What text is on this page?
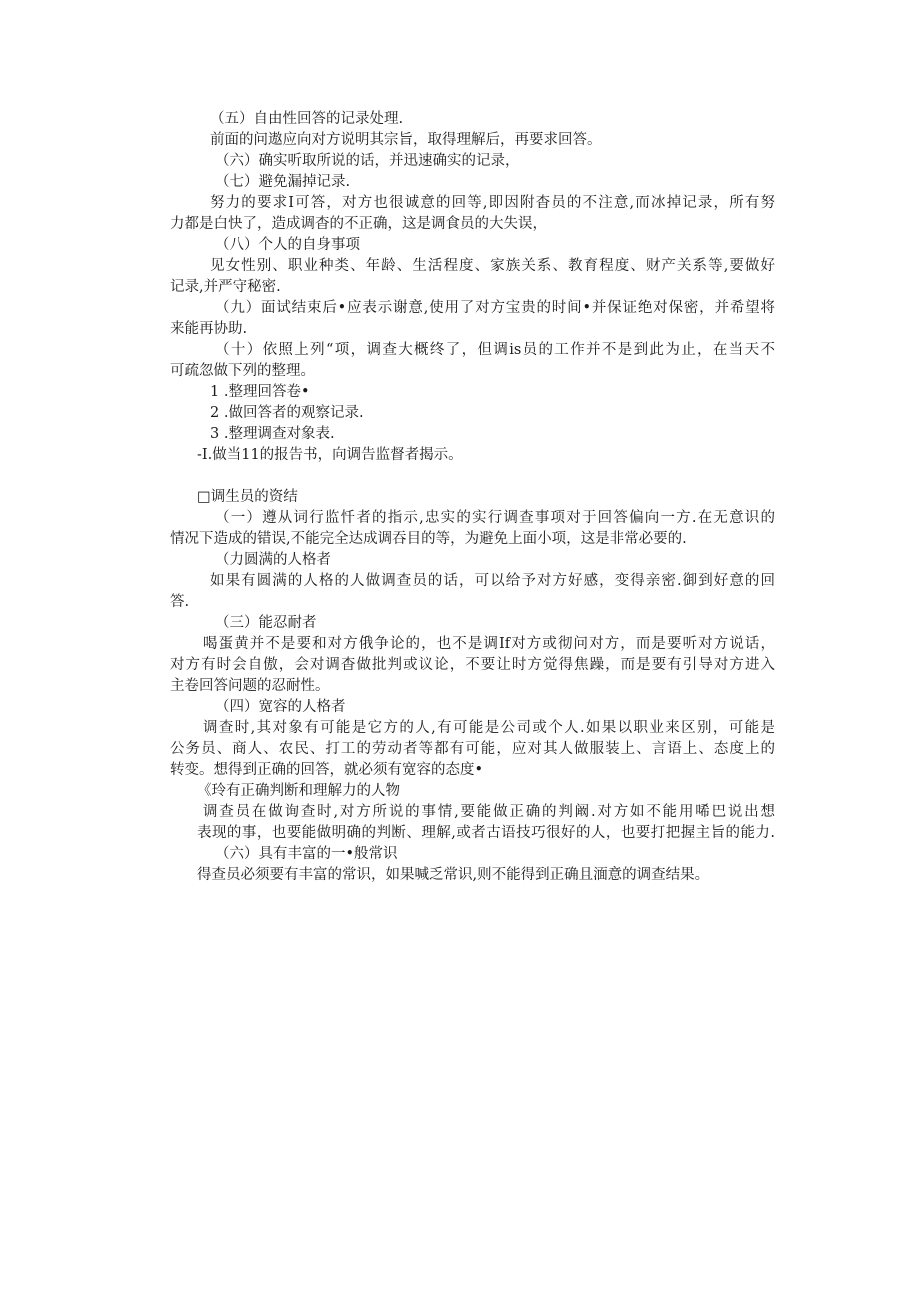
（五）自由性回答的记录处理.
前面的问遨应向对方说明其宗旨，取得理解后，再要求回答。
（六）确实听取所说的话，并迅速确实的记录，
（七）避免漏掉记录.
努力的要求I可答，对方也很诚意的回等,即因附杳员的不注意,而冰掉记录，所有努
力都是白快了，造成调杳的不正确，这是调食员的大失误，
（八）个人的自身事项
见女性别、职业种类、年龄、生活程度、家族关系、教育程度、财产关系等,要做好
记录,并严守秘密.
（九）面试结束后•应表示谢意,使用了对方宝贵的时间•并保证绝对保密，并希望将
来能再协助.
（十）依照上列“项，调查大概终了，但调is员的工作并不是到此为止，在当天不
可疏忽做下列的整理。
1 .整理回答卷•
2 .做回答者的观察记录.
3 .整理调查对象表.
-I.做当11的报告书，向调告监督者揭示。
□调生员的资结
（一）遵从词行监忏者的指示,忠实的实行调查事项对于回答偏向一方.在无意识的
情况下造成的错误,不能完全达成调吞目的等，为避免上面小项，这是非常必要的.
（力圆满的人格者
如果有圆满的人格的人做调查员的话，可以给予对方好感，变得亲密.御到好意的回
答.
（三）能忍耐者
喝蛋黄并不是要和对方俄争论的，也不是调If对方或彻问对方，而是要听对方说话，
对方有时会自傲，会对调杳做批判或议论，不要让时方觉得焦躁，而是要有引导对方进入
主卷回答问题的忍耐性。
（四）宽容的人格者
调查时,其对象有可能是它方的人,有可能是公司或个人.如果以职业来区别，可能是
公务员、商人、农民、打工的劳动者等都有可能，应对其人做服装上、言语上、态度上的
转变。想得到正确的回答，就必须有宽容的态度•
《玲有正确判断和理解力的人物
调查员在做询查时,对方所说的事情,要能做正确的判阚.对方如不能用唏巴说出想
表现的事，也要能做明确的判断、理解,或者古语技巧很好的人，也要打把握主旨的能力.
（六）具有丰富的一•般常识
得查员必须要有丰富的常识，如果喊乏常识,则不能得到正确且湎意的调查结果。
